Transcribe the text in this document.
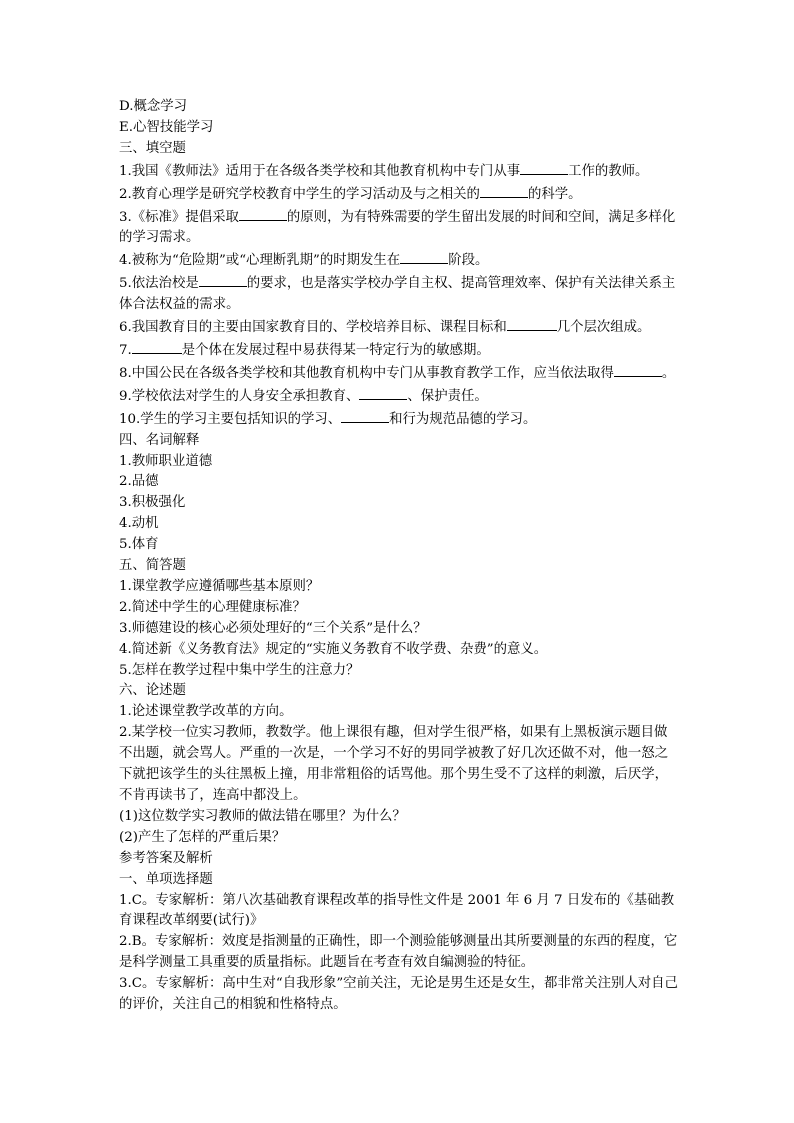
D.概念学习
E.心智技能学习
三、填空题
1.我国《教师法》适用于在各级各类学校和其他教育机构中专门从事	工作的教师。
2.教育心理学是研究学校教育中学生的学习活动及与之相关的	的科学。
3.《标准》提倡采取	的原则，为有特殊需要的学生留出发展的时间和空间，满足多样化的学习需求。
4.被称为“危险期”或“心理断乳期”的时期发生在	阶段。
5.依法治校是	的要求，也是落实学校办学自主权、提高管理效率、保护有关法律关系主体合法权益的需求。
6.我国教育目的主要由国家教育目的、学校培养目标、课程目标和	几个层次组成。
7.	是个体在发展过程中易获得某一特定行为的敏感期。
8.中国公民在各级各类学校和其他教育机构中专门从事教育教学工作，应当依法取得	。
9.学校依法对学生的人身安全承担教育、	、保护责任。
10.学生的学习主要包括知识的学习、	和行为规范品德的学习。
四、名词解释
1.教师职业道德
2.品德
3.积极强化
4.动机
5.体育
五、简答题
1.课堂教学应遵循哪些基本原则？
2.简述中学生的心理健康标准？
3.师德建设的核心必须处理好的“三个关系”是什么？
4.简述新《义务教育法》规定的“实施义务教育不收学费、杂费”的意义。
5.怎样在教学过程中集中学生的注意力？
六、论述题
1.论述课堂教学改革的方向。
2.某学校一位实习教师，教数学。他上课很有趣，但对学生很严格，如果有上黑板演示题目做不出题，就会骂人。严重的一次是，一个学习不好的男同学被教了好几次还做不对，他一怒之下就把该学生的头往黑板上撞，用非常粗俗的话骂他。那个男生受不了这样的刺激，后厌学，不肯再读书了，连高中都没上。
(1)这位数学实习教师的做法错在哪里？为什么？
(2)产生了怎样的严重后果？
参考答案及解析
一、单项选择题
1.C。专家解析：第八次基础教育课程改革的指导性文件是 2001 年 6 月 7 日发布的《基础教育课程改革纲要(试行)》
2.B。专家解析：效度是指测量的正确性，即一个测验能够测量出其所要测量的东西的程度，它是科学测量工具重要的质量指标。此题旨在考查有效自编测验的特征。
3.C。专家解析：高中生对“自我形象”空前关注，无论是男生还是女生，都非常关注别人对自己的评价，关注自己的相貌和性格特点。
